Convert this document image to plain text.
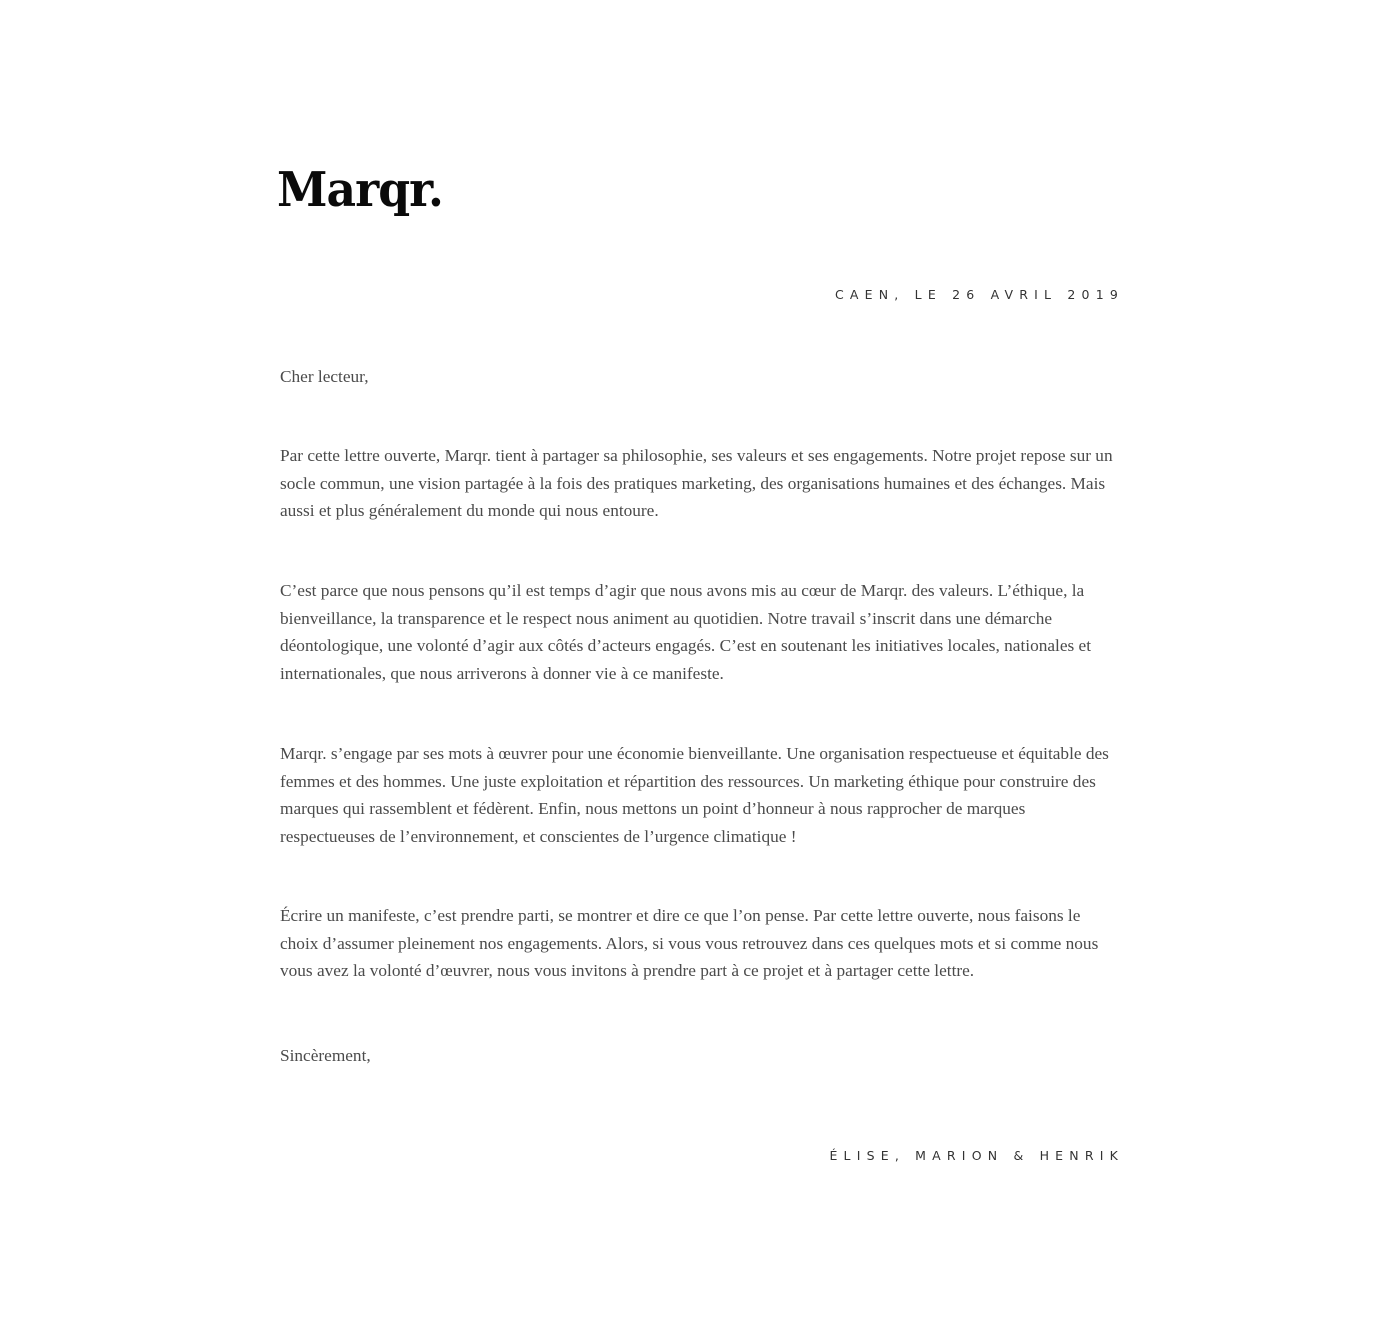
Marqr.
CAEN, LE 26 AVRIL 2019

Cher lecteur,

Par cette lettre ouverte, Marqr. tient à partager sa philosophie, ses valeurs et ses engagements. Notre projet repose sur un socle commun, une vision partagée à la fois des pratiques marketing, des organisations humaines et des échanges. Mais aussi et plus généralement du monde qui nous entoure.

C’est parce que nous pensons qu’il est temps d’agir que nous avons mis au cœur de Marqr. des valeurs. L’éthique, la bienveillance, la transparence et le respect nous animent au quotidien. Notre travail s’inscrit dans une démarche déontologique, une volonté d’agir aux côtés d’acteurs engagés. C’est en soutenant les initiatives locales, nationales et internationales, que nous arriverons à donner vie à ce manifeste.

Marqr. s’engage par ses mots à œuvrer pour une économie bienveillante. Une organisation respectueuse et équitable des femmes et des hommes. Une juste exploitation et répartition des ressources. Un marketing éthique pour construire des marques qui rassemblent et fédèrent. Enfin, nous mettons un point d’honneur à nous rapprocher de marques respectueuses de l’environnement, et conscientes de l’urgence climatique !

Écrire un manifeste, c’est prendre parti, se montrer et dire ce que l’on pense. Par cette lettre ouverte, nous faisons le choix d’assumer pleinement nos engagements. Alors, si vous vous retrouvez dans ces quelques mots et si comme nous vous avez la volonté d’œuvrer, nous vous invitons à prendre part à ce projet et à partager cette lettre.

Sincèrement,

ÉLISE, MARION & HENRIK
